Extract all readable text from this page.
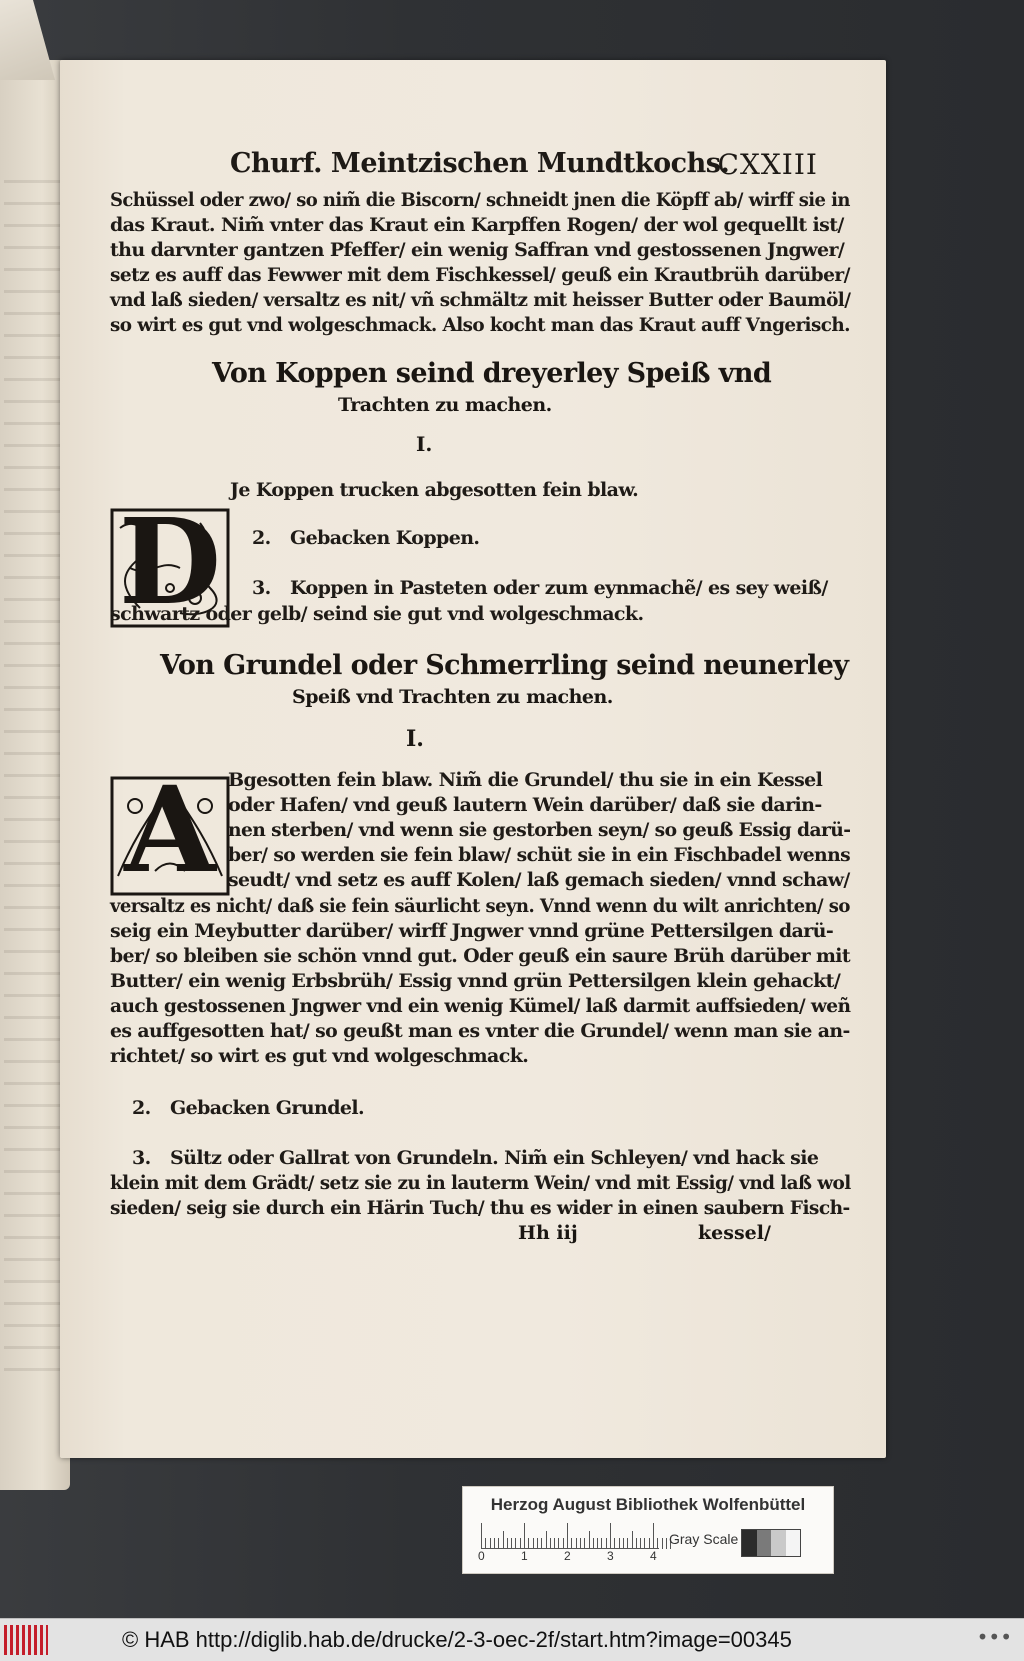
Churf. Meintzischen Mundtkochs.
CXXIII
Schüssel oder zwo/ so nim̃ die Biscorn/ schneidt jnen die Köpff ab/ wirff sie in
das Kraut. Nim̃ vnter das Kraut ein Karpffen Rogen/ der wol gequellt ist/
thu darvnter gantzen Pfeffer/ ein wenig Saffran vnd gestossenen Jngwer/
setz es auff das Fewwer mit dem Fischkessel/ geuß ein Krautbrüh darüber/
vnd laß sieden/ versaltz es nit/ vñ schmältz mit heisser Butter oder Baumöl/
so wirt es gut vnd wolgeschmack. Also kocht man das Kraut auff Vngerisch.
Von Koppen seind dreyerley Speiß vnd
Trachten zu machen.
I.
D
Je Koppen trucken abgesotten fein blaw.
2. Gebacken Koppen.
3. Koppen in Pasteten oder zum eynmachẽ/ es sey weiß/
schwartz oder gelb/ seind sie gut vnd wolgeschmack.
Von Grundel oder Schmerrling seind neunerley
Speiß vnd Trachten zu machen.
I.
A Bgesotten fein blaw. Nim̃ die Grundel/ thu sie in ein Kessel
oder Hafen/ vnd geuß lautern Wein darüber/ daß sie darin-
nen sterben/ vnd wenn sie gestorben seyn/ so geuß Essig darü-
ber/ so werden sie fein blaw/ schüt sie in ein Fischbadel wenns
seudt/ vnd setz es auff Kolen/ laß gemach sieden/ vnnd schaw/
versaltz es nicht/ daß sie fein säurlicht seyn. Vnnd wenn du wilt anrichten/ so
seig ein Meybutter darüber/ wirff Jngwer vnnd grüne Pettersilgen darü-
ber/ so bleiben sie schön vnnd gut. Oder geuß ein saure Brüh darüber mit
Butter/ ein wenig Erbsbrüh/ Essig vnnd grün Pettersilgen klein gehackt/
auch gestossenen Jngwer vnd ein wenig Kümel/ laß darmit auffsieden/ weñ
es auffgesotten hat/ so geußt man es vnter die Grundel/ wenn man sie an-
richtet/ so wirt es gut vnd wolgeschmack.
2. Gebacken Grundel.
3. Sültz oder Gallrat von Grundeln. Nim̃ ein Schleyen/ vnd hack sie
klein mit dem Grädt/ setz sie zu in lauterm Wein/ vnd mit Essig/ vnd laß wol
sieden/ seig sie durch ein Härin Tuch/ thu es wider in einen saubern Fisch-
Hh iij	kessel/
Herzog August Bibliothek Wolfenbüttel
0	1	2	3	4
Gray Scale
© HAB http://diglib.hab.de/drucke/2-3-oec-2f/start.htm?image=00345	•••
